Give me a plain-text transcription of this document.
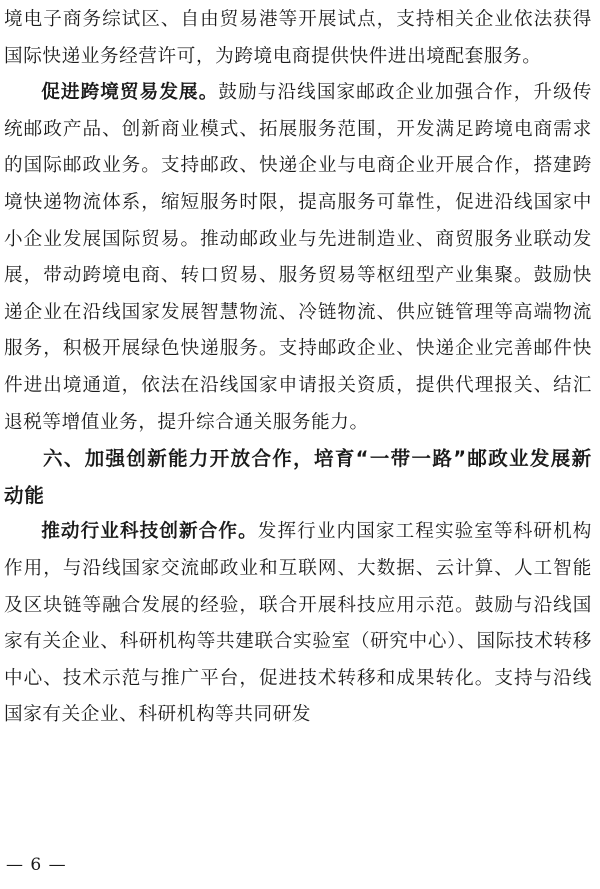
境电子商务综试区、自由贸易港等开展试点，支持相关企业依法获得国际快递业务经营许可，为跨境电商提供快件进出境配套服务。

促进跨境贸易发展。鼓励与沿线国家邮政企业加强合作，升级传统邮政产品、创新商业模式、拓展服务范围，开发满足跨境电商需求的国际邮政业务。支持邮政、快递企业与电商企业开展合作，搭建跨境快递物流体系，缩短服务时限，提高服务可靠性，促进沿线国家中小企业发展国际贸易。推动邮政业与先进制造业、商贸服务业联动发展，带动跨境电商、转口贸易、服务贸易等枢纽型产业集聚。鼓励快递企业在沿线国家发展智慧物流、冷链物流、供应链管理等高端物流服务，积极开展绿色快递服务。支持邮政企业、快递企业完善邮件快件进出境通道，依法在沿线国家申请报关资质，提供代理报关、结汇退税等增值业务，提升综合通关服务能力。

六、加强创新能力开放合作，培育“一带一路”邮政业发展新动能

推动行业科技创新合作。发挥行业内国家工程实验室等科研机构作用，与沿线国家交流邮政业和互联网、大数据、云计算、人工智能及区块链等融合发展的经验，联合开展科技应用示范。鼓励与沿线国家有关企业、科研机构等共建联合实验室（研究中心）、国际技术转移中心、技术示范与推广平台，促进技术转移和成果转化。支持与沿线国家有关企业、科研机构等共同研发

— 6 —
